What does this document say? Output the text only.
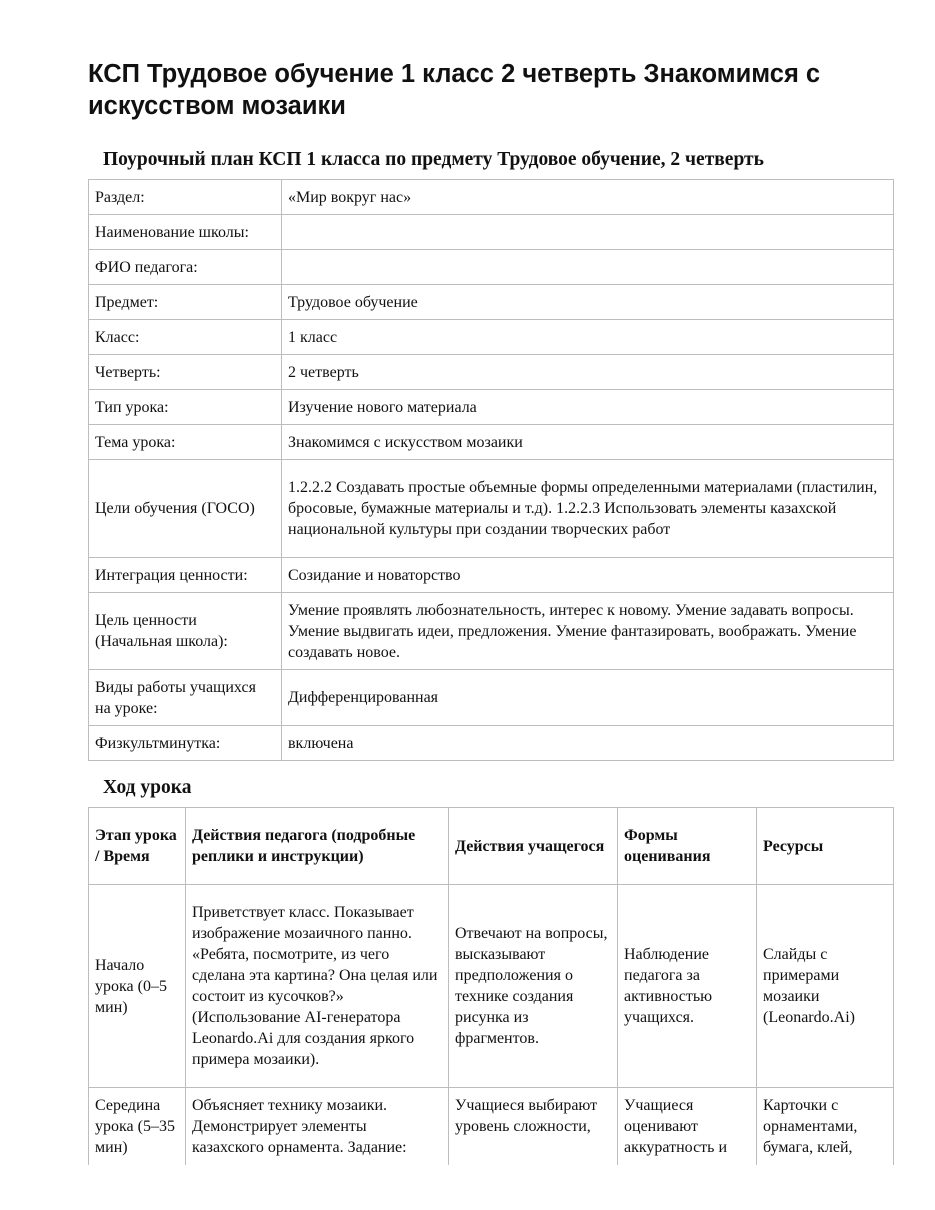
КСП Трудовое обучение 1 класс 2 четверть Знакомимся с искусством мозаики
Поурочный план КСП 1 класса по предмету Трудовое обучение, 2 четверть
Раздел:	«Мир вокруг нас»
Наименование школы:	
ФИО педагога:	
Предмет:	Трудовое обучение
Класс:	1 класс
Четверть:	2 четверть
Тип урока:	Изучение нового материала
Тема урока:	Знакомимся с искусством мозаики
Цели обучения (ГОСО)	1.2.2.2 Создавать простые объемные формы определенными материалами (пластилин, бросовые, бумажные материалы и т.д). 1.2.2.3 Использовать элементы казахской национальной культуры при создании творческих работ
Интеграция ценности:	Созидание и новаторство
Цель ценности (Начальная школа):	Умение проявлять любознательность, интерес к новому. Умение задавать вопросы. Умение выдвигать идеи, предложения. Умение фантазировать, воображать. Умение создавать новое.
Виды работы учащихся на уроке:	Дифференцированная
Физкультминутка:	включена
Ход урока
Этап урока / Время	Действия педагога (подробные реплики и инструкции)	Действия учащегося	Формы оценивания	Ресурсы
Начало урока (0–5 мин)	Приветствует класс. Показывает изображение мозаичного панно. «Ребята, посмотрите, из чего сделана эта картина? Она целая или состоит из кусочков?» (Использование AI-генератора Leonardo.Ai для создания яркого примера мозаики).	Отвечают на вопросы, высказывают предположения о технике создания рисунка из фрагментов.	Наблюдение педагога за активностью учащихся.	Слайды с примерами мозаики (Leonardo.Ai)
Середина урока (5–35 мин)	Объясняет технику мозаики. Демонстрирует элементы казахского орнамента. Задание:	Учащиеся выбирают уровень сложности,	Учащиеся оценивают аккуратность и	Карточки с орнаментами, бумага, клей,
